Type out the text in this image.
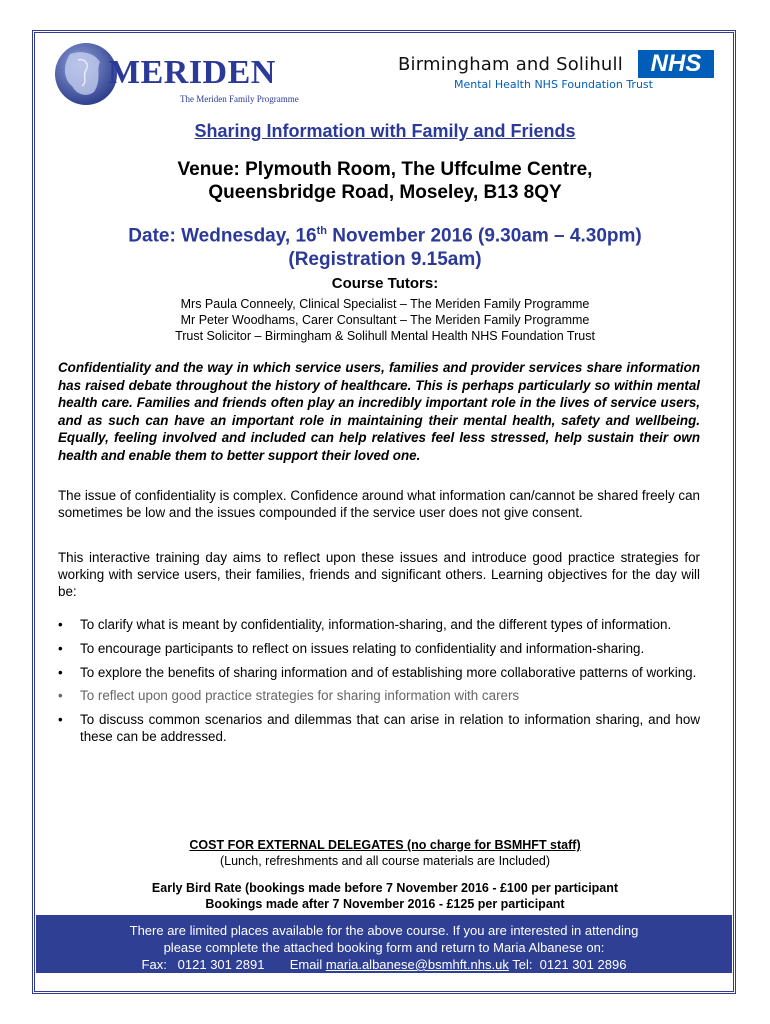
MERIDEN
The Meriden Family Programme
Birmingham and Solihull
Mental Health NHS Foundation Trust
NHS
Sharing Information with Family and Friends
Venue: Plymouth Room, The Uffculme Centre,
Queensbridge Road, Moseley, B13 8QY
Date: Wednesday, 16th November 2016 (9.30am – 4.30pm)
(Registration 9.15am)
Course Tutors:
Mrs Paula Conneely, Clinical Specialist – The Meriden Family Programme
Mr Peter Woodhams, Carer Consultant – The Meriden Family Programme
Trust Solicitor – Birmingham & Solihull Mental Health NHS Foundation Trust
Confidentiality and the way in which service users, families and provider services share information has raised debate throughout the history of healthcare. This is perhaps particularly so within mental health care. Families and friends often play an incredibly important role in the lives of service users, and as such can have an important role in maintaining their mental health, safety and wellbeing. Equally, feeling involved and included can help relatives feel less stressed, help sustain their own health and enable them to better support their loved one.
The issue of confidentiality is complex. Confidence around what information can/cannot be shared freely can sometimes be low and the issues compounded if the service user does not give consent.
This interactive training day aims to reflect upon these issues and introduce good practice strategies for working with service users, their families, friends and significant others. Learning objectives for the day will be:
• To clarify what is meant by confidentiality, information-sharing, and the different types of information.
• To encourage participants to reflect on issues relating to confidentiality and information-sharing.
• To explore the benefits of sharing information and of establishing more collaborative patterns of working.
• To reflect upon good practice strategies for sharing information with carers
• To discuss common scenarios and dilemmas that can arise in relation to information sharing, and how these can be addressed.
COST FOR EXTERNAL DELEGATES (no charge for BSMHFT staff)
(Lunch, refreshments and all course materials are Included)
Early Bird Rate (bookings made before 7 November 2016 - £100 per participant
Bookings made after 7 November 2016 - £125 per participant
There are limited places available for the above course. If you are interested in attending
please complete the attached booking form and return to Maria Albanese on:
Fax:   0121 301 2891       Email maria.albanese@bsmhft.nhs.uk Tel:  0121 301 2896
